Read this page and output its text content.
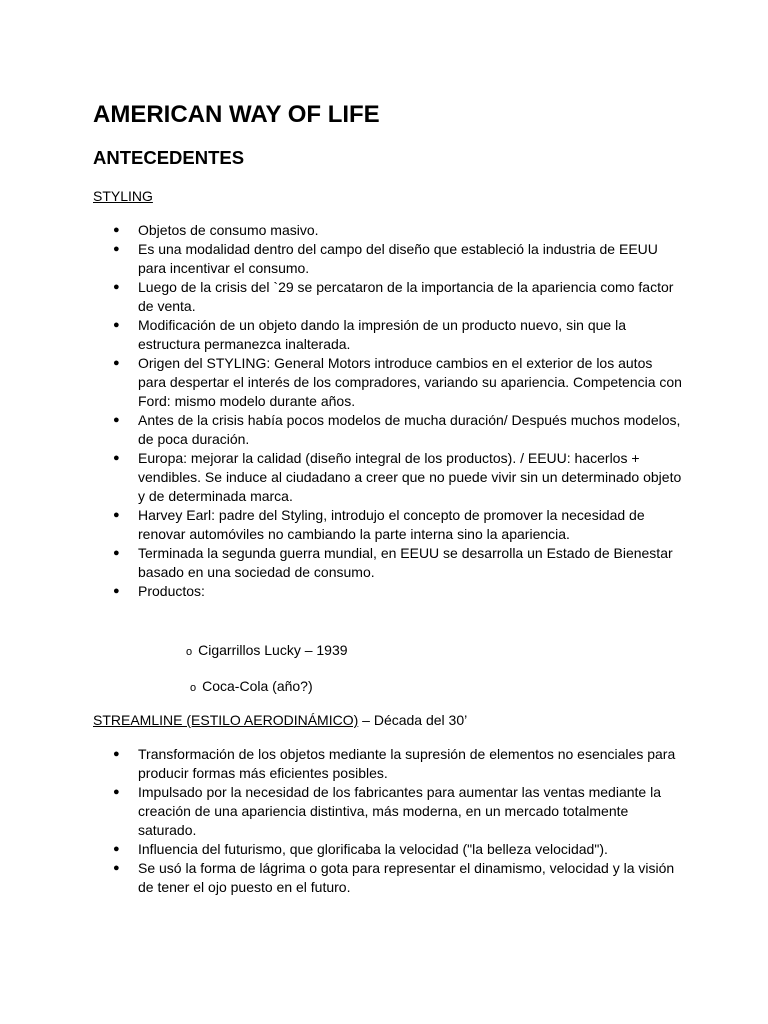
AMERICAN WAY OF LIFE
ANTECEDENTES

STYLING

● Objetos de consumo masivo.
● Es una modalidad dentro del campo del diseño que estableció la industria de EEUU para incentivar el consumo.
● Luego de la crisis del `29 se percataron de la importancia de la apariencia como factor de venta.
● Modificación de un objeto dando la impresión de un producto nuevo, sin que la estructura permanezca inalterada.
● Origen del STYLING: General Motors introduce cambios en el exterior de los autos para despertar el interés de los compradores, variando su apariencia. Competencia con Ford: mismo modelo durante años.
● Antes de la crisis había pocos modelos de mucha duración/ Después muchos modelos, de poca duración.
● Europa: mejorar la calidad (diseño integral de los productos). / EEUU: hacerlos + vendibles. Se induce al ciudadano a creer que no puede vivir sin un determinado objeto y de determinada marca.
● Harvey Earl: padre del Styling, introdujo el concepto de promover la necesidad de renovar automóviles no cambiando la parte interna sino la apariencia.
● Terminada la segunda guerra mundial, en EEUU se desarrolla un Estado de Bienestar basado en una sociedad de consumo.
● Productos:
o Cigarrillos Lucky – 1939
o Coca-Cola (año?)

STREAMLINE (ESTILO AERODINÁMICO) – Década del 30’

● Transformación de los objetos mediante la supresión de elementos no esenciales para producir formas más eficientes posibles.
● Impulsado por la necesidad de los fabricantes para aumentar las ventas mediante la creación de una apariencia distintiva, más moderna, en un mercado totalmente saturado.
● Influencia del futurismo, que glorificaba la velocidad ("la belleza velocidad").
● Se usó la forma de lágrima o gota para representar el dinamismo, velocidad y la visión de tener el ojo puesto en el futuro.
